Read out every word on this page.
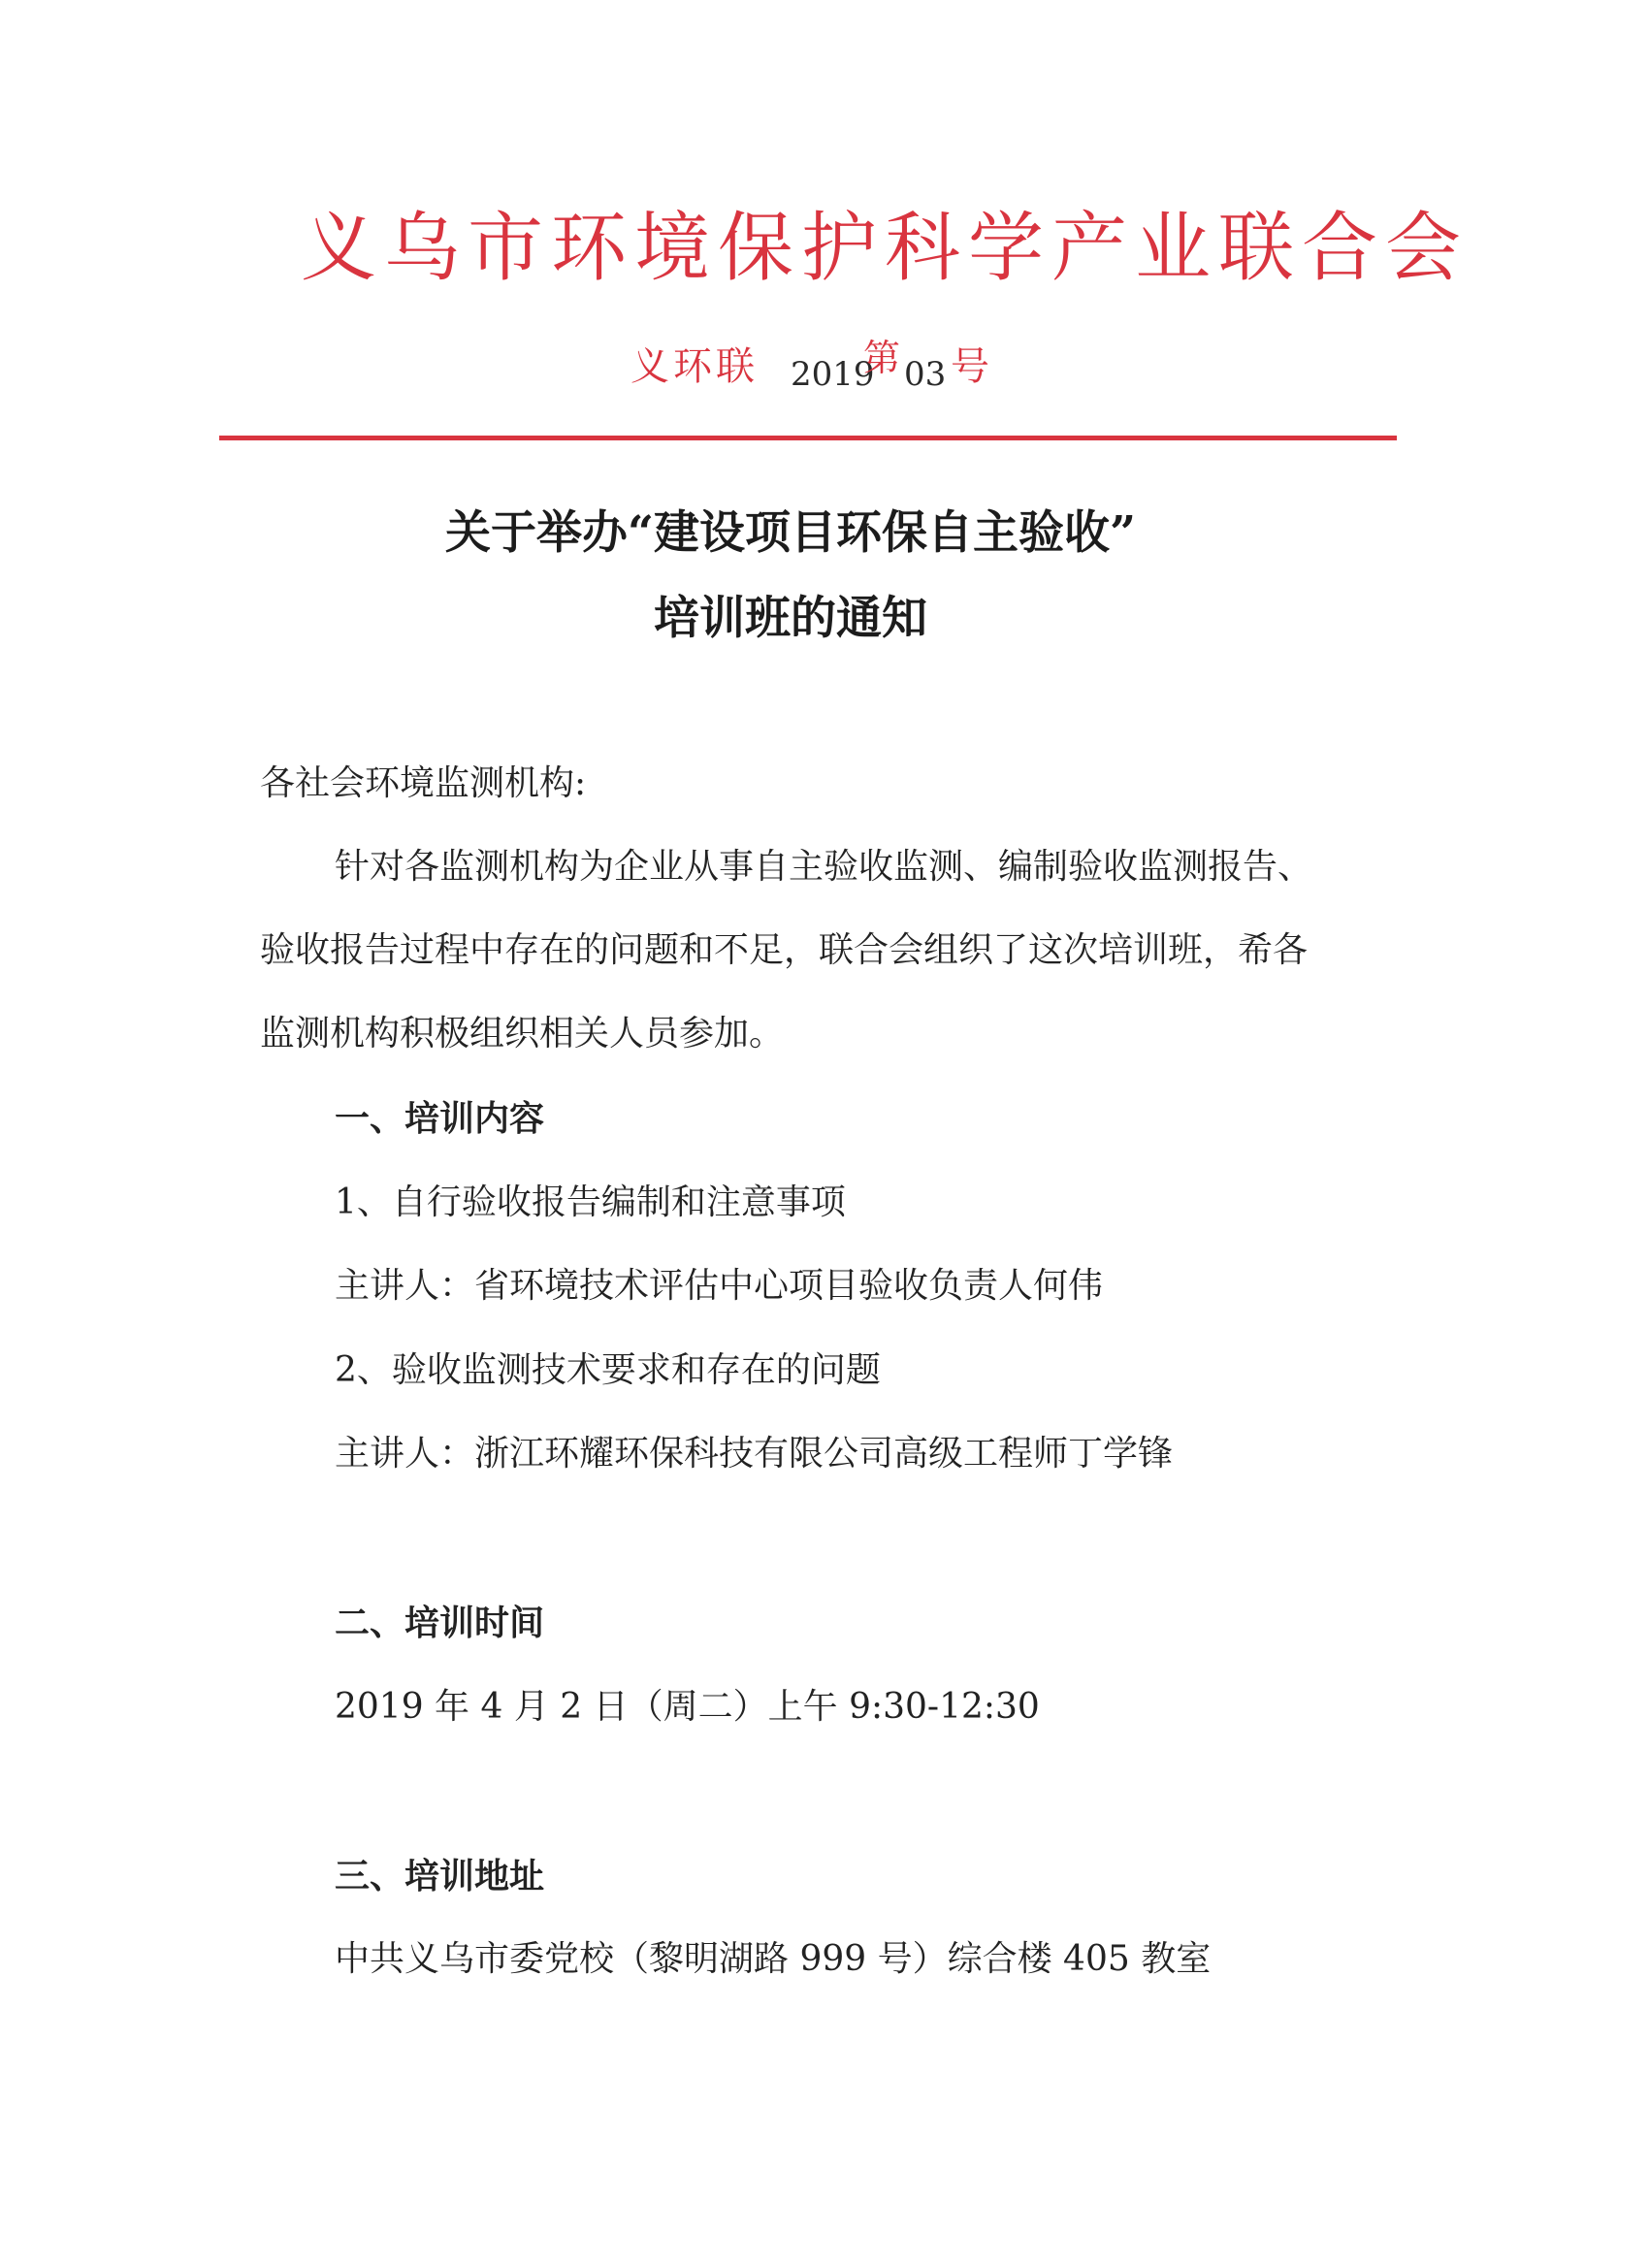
义乌市环境保护科学产业联合会
义环联 2019
第 03 号
关于举办“建设项目环保自主验收”
培训班的通知
各社会环境监测机构:
针对各监测机构为企业从事自主验收监测、编制验收监测报告、
验收报告过程中存在的问题和不足，联合会组织了这次培训班，希各
监测机构积极组织相关人员参加。
一、培训内容
1、自行验收报告编制和注意事项
主讲人：省环境技术评估中心项目验收负责人何伟
2、验收监测技术要求和存在的问题
主讲人：浙江环耀环保科技有限公司高级工程师丁学锋
二、培训时间
2019 年 4 月 2 日（周二）上午 9:30-12:30
三、培训地址
中共义乌市委党校（黎明湖路 999 号）综合楼 405 教室
